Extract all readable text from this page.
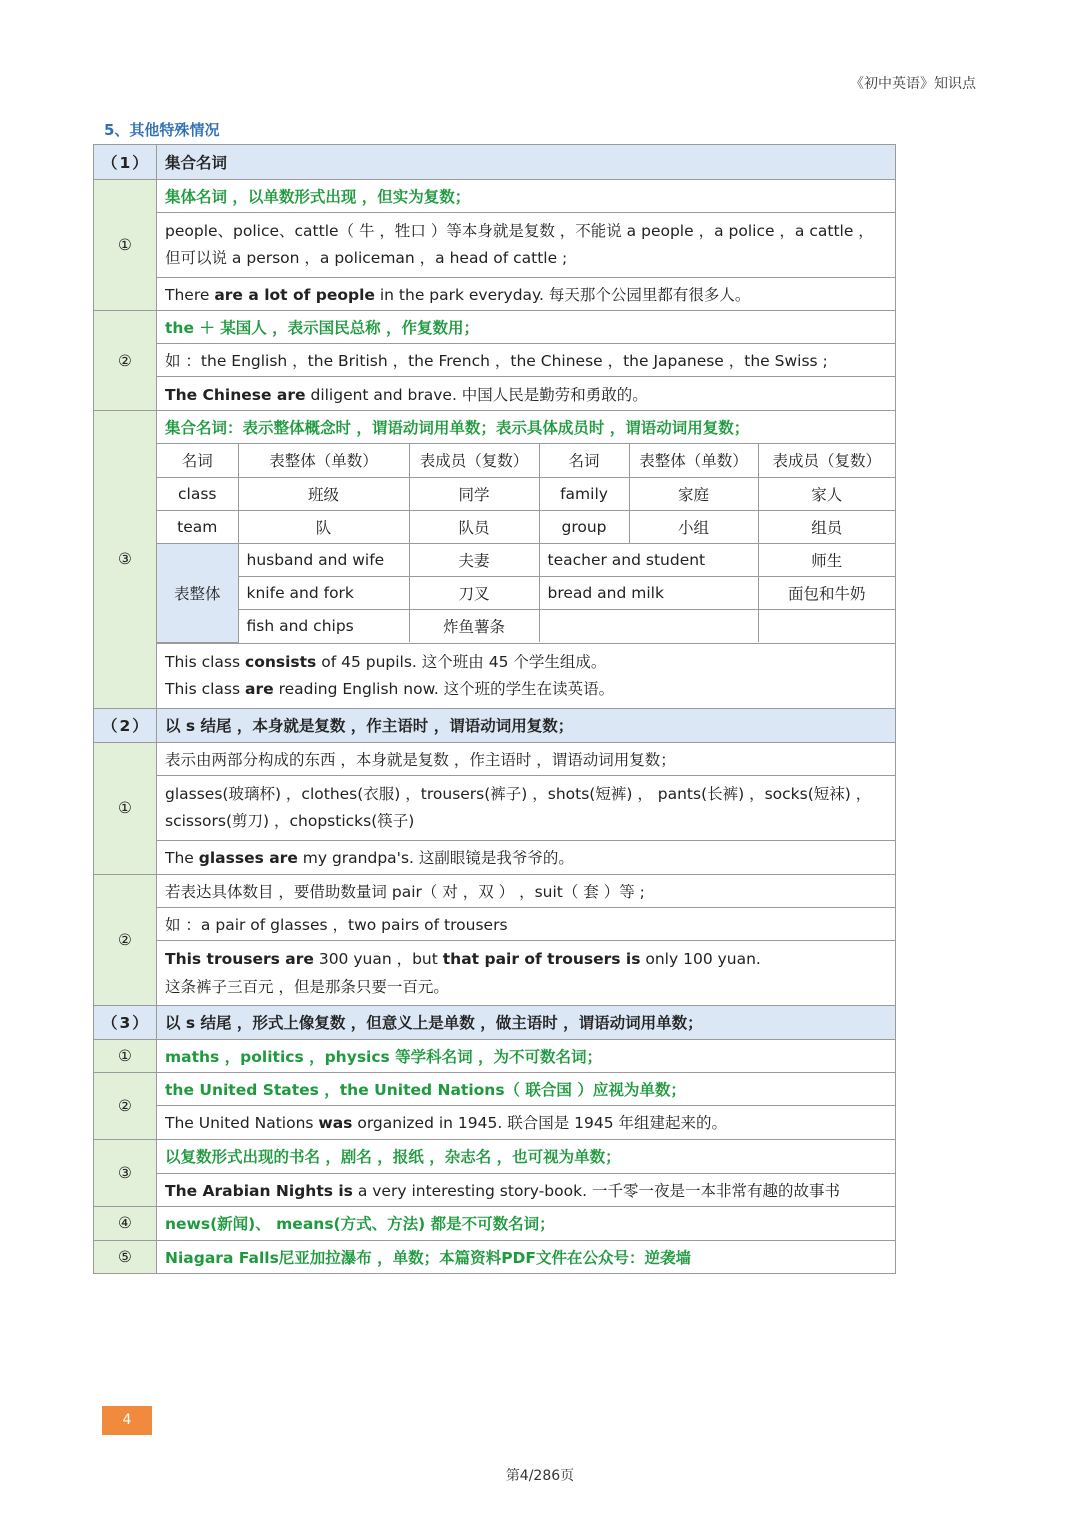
《初中英语》知识点
5、其他特殊情况
（1）	集合名词
①	集体名词 ，以单数形式出现 ，但实为复数；

people、police、cattle（ 牛 ，牲口 ）等本身就是复数 ，不能说 a people ，a police ，a cattle ，
但可以说 a person ，a policeman ，a head of cattle ;

There are a lot of people in the park everyday. 每天那个公园里都有很多人。
②	the ＋ 某国人 ，表示国民总称 ，作复数用；
如 ：the English ，the British ，the French ，the Chinese ，the Japanese ，the Swiss ;
The Chinese are diligent and brave. 中国人民是勤劳和勇敢的。
③	集合名词：表示整体概念时 ，谓语动词用单数；表示具体成员时 ，谓语动词用复数；

名词	表整体（单数）	表成员（复数）	名词	表整体（单数）	表成员（复数）
class	班级	同学	family	家庭	家人
team	队	队员	group	小组	组员
表整体	husband and wife	夫妻	teacher and student	师生
knife and fork	刀叉	bread and milk	面包和牛奶
fish and chips	炸鱼薯条		

This class consists of 45 pupils. 这个班由 45 个学生组成。
This class are reading English now. 这个班的学生在读英语。

（2）	以 s 结尾 ，本身就是复数 ，作主语时 ，谓语动词用复数；
①	表示由两部分构成的东西 ，本身就是复数 ，作主语时 ，谓语动词用复数；

glasses(玻璃杯) ，clothes(衣服) ，trousers(裤子) ，shots(短裤) ， pants(长裤) ，socks(短袜) ，
scissors(剪刀) ，chopsticks(筷子)

The glasses are my grandpa's. 这副眼镜是我爷爷的。
②	若表达具体数目 ，要借助数量词 pair（ 对 ，双 ） ，suit（ 套 ）等 ;
如 ：a pair of glasses ，two pairs of trousers

This trousers are 300 yuan ，but that pair of trousers is only 100 yuan.
这条裤子三百元 ，但是那条只要一百元。

（3）	以 s 结尾 ，形式上像复数 ，但意义上是单数 ，做主语时 ，谓语动词用单数；
①	maths ，politics ，physics 等学科名词 ，为不可数名词；
②	the United States ，the United Nations（ 联合国 ）应视为单数；
The United Nations was organized in 1945. 联合国是 1945 年组建起来的。
③	以复数形式出现的书名 ，剧名 ，报纸 ，杂志名 ，也可视为单数；
The Arabian Nights is a very interesting story-book. 一千零一夜是一本非常有趣的故事书
④	news(新闻)、 means(方式、方法) 都是不可数名词；
⑤	Niagara Falls尼亚加拉瀑布 ，单数；本篇资料PDF文件在公众号：逆袭墙
4
第4/286页
